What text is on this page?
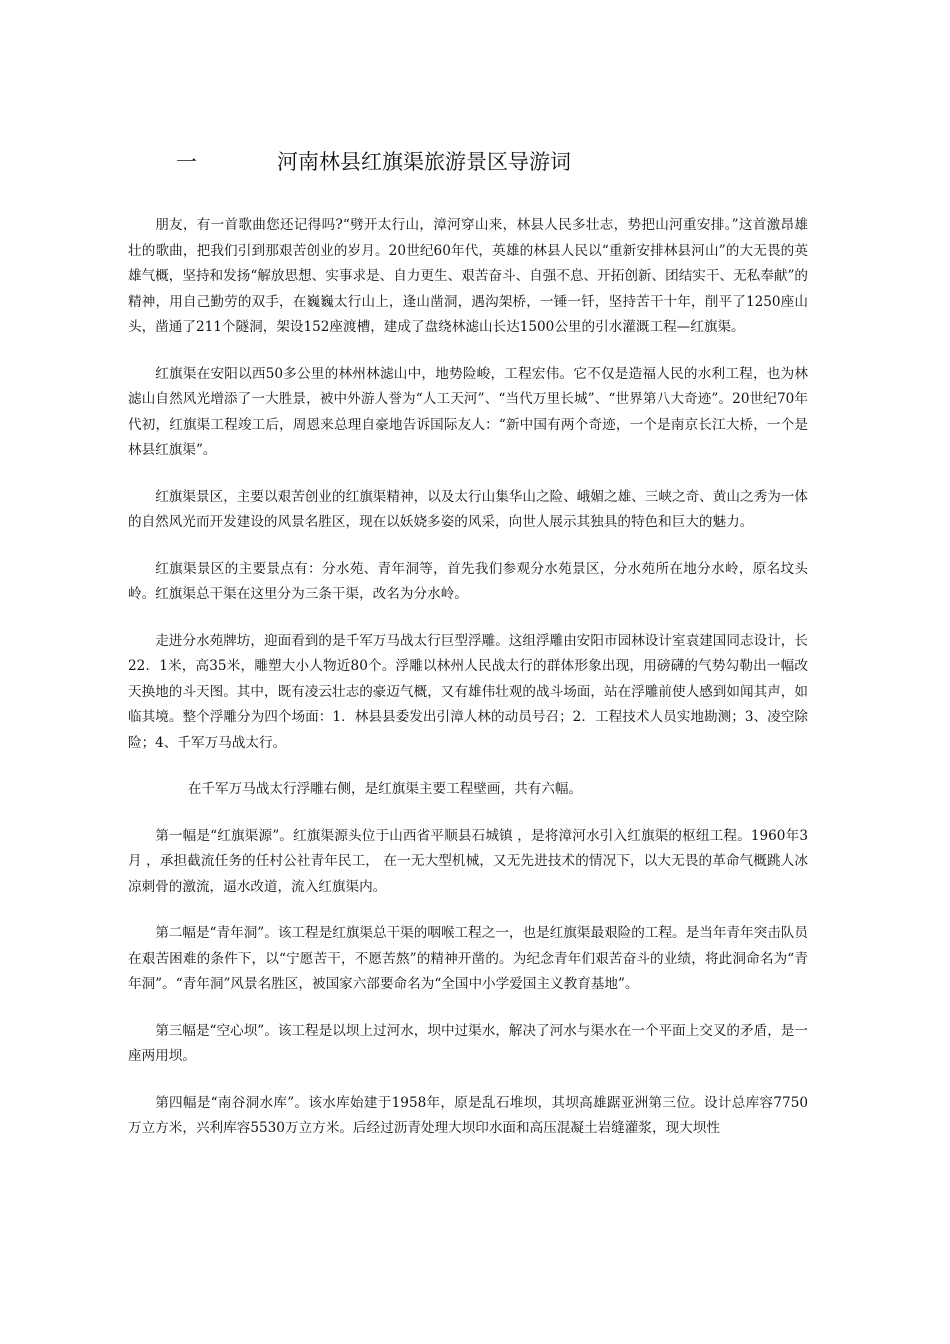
一	河南林县红旗渠旅游景区导游词

朋友，有一首歌曲您还记得吗?“劈开太行山，漳河穿山来，林县人民多壮志，势把山河重安排。”这首激昂雄壮的歌曲，把我们引到那艰苦创业的岁月。20世纪60年代，英雄的林县人民以“重新安排林县河山”的大无畏的英雄气概，坚持和发扬“解放思想、实事求是、自力更生、艰苦奋斗、自强不息、开拓创新、团结实干、无私奉献”的精神，用自己勤劳的双手，在巍巍太行山上，逢山凿洞，遇沟架桥，一锤一钎，坚持苦干十年，削平了1250座山头，凿通了211个隧洞，架设152座渡槽，建成了盘绕林滤山长达1500公里的引水灌溉工程—红旗渠。

红旗渠在安阳以西50多公里的林州林滤山中，地势险峻，工程宏伟。它不仅是造福人民的水利工程，也为林滤山自然风光增添了一大胜景，被中外游人誉为“人工天河”、“当代万里长城”、“世界第八大奇迹”。20世纪70年代初，红旗渠工程竣工后，周恩来总理自豪地告诉国际友人：“新中国有两个奇迹，一个是南京长江大桥，一个是林县红旗渠”。

红旗渠景区，主要以艰苦创业的红旗渠精神，以及太行山集华山之险、峨媚之雄、三峡之奇、黄山之秀为一体的自然风光而开发建设的风景名胜区，现在以妖娆多姿的风采，向世人展示其独具的特色和巨大的魅力。

红旗渠景区的主要景点有：分水苑、青年洞等，首先我们参观分水苑景区，分水苑所在地分水岭，原名坟头岭。红旗渠总干渠在这里分为三条干渠，改名为分水岭。

走进分水苑牌坊，迎面看到的是千军万马战太行巨型浮雕。这组浮雕由安阳市园林设计室袁建国同志设计，长22．1米，高35米，雕塑大小人物近80个。浮雕以林州人民战太行的群体形象出现，用磅礴的气势勾勒出一幅改天换地的斗天图。其中，既有凌云壮志的豪迈气概，又有雄伟壮观的战斗场面，站在浮雕前使人感到如闻其声，如临其境。整个浮雕分为四个场面：1．林县县委发出引漳人林的动员号召；2．工程技术人员实地勘测；3、凌空除险；4、千军万马战太行。

在千军万马战太行浮雕右侧，是红旗渠主要工程壁画，共有六幅。

第一幅是“红旗渠源”。红旗渠源头位于山西省平顺县石城镇 ，是将漳河水引入红旗渠的枢纽工程。1960年3月 ，承担截流任务的任村公社青年民工， 在一无大型机械，又无先进技术的情况下，以大无畏的革命气概跳人冰凉刺骨的激流，逼水改道，流入红旗渠内。

第二幅是“青年洞”。该工程是红旗渠总干渠的咽喉工程之一，也是红旗渠最艰险的工程。是当年青年突击队员在艰苦困难的条件下，以“宁愿苦干，不愿苦熬”的精神开凿的。为纪念青年们艰苦奋斗的业绩，将此洞命名为“青年洞”。“青年洞”风景名胜区，被国家六部要命名为“全国中小学爱国主义教育基地”。

第三幅是“空心坝”。该工程是以坝上过河水，坝中过渠水，解决了河水与渠水在一个平面上交叉的矛盾，是一座两用坝。

第四幅是“南谷洞水库”。该水库始建于1958年，原是乱石堆坝，其坝高雄踞亚洲第三位。设计总库容7750万立方米，兴利库容5530万立方米。后经过沥青处理大坝印水面和高压混凝土岩缝灌浆，现大坝性
